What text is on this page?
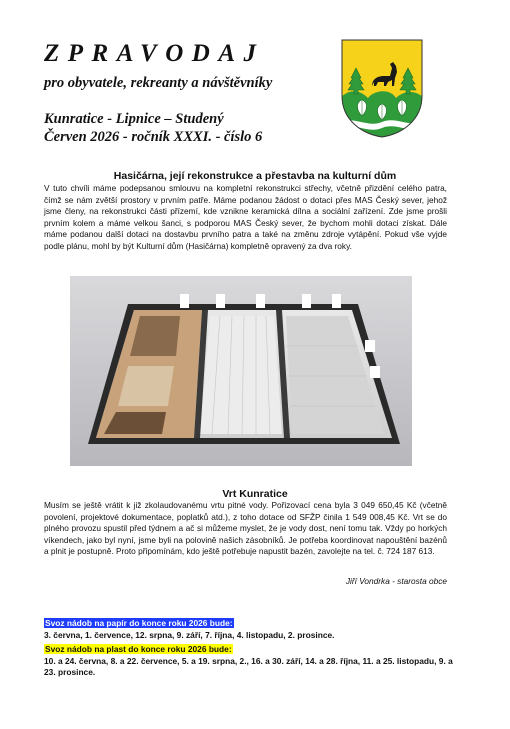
ZPRAVODAJ
pro obyvatele, rekreanty a návštěvníky
Kunratice - Lipnice – Studený
Červen 2026 - ročník XXXI. - číslo 6
Hasičárna, její rekonstrukce a přestavba na kulturní dům

V tuto chvíli máme podepsanou smlouvu na kompletní rekonstrukci střechy, včetně přizdění celého patra, čímž se nám zvětší prostory v prvním patře. Máme podanou žádost o dotaci přes MAS Český sever, jehož jsme členy, na rekonstrukci části přízemí, kde vznikne keramická dílna a sociální zařízení. Zde jsme prošli prvním kolem a máme velkou šanci, s podporou MAS Český sever, že bychom mohli dotaci získat. Dále máme podanou další dotaci na dostavbu prvního patra a také na změnu zdroje vytápění. Pokud vše vyjde podle plánu, mohl by být Kulturní dům (Hasičárna) kompletně opravený za dva roky.

Vrt Kunratice

Musím se ještě vrátit k již zkolaudovanému vrtu pitné vody. Pořizovací cena byla 3 049 650,45 Kč (včetně povolení, projektové dokumentace, poplatků atd.), z toho dotace od SFŽP činila 1 549 008,45 Kč. Vrt se do plného provozu spustil před týdnem a ač si můžeme myslet, že je vody dost, není tomu tak. Vždy po horkých víkendech, jako byl nyní, jsme byli na polovině našich zásobníků. Je potřeba koordinovat napouštění bazénů a plnit je postupně. Proto připomínám, kdo ještě potřebuje napustit bazén, zavolejte na tel. č. 724 187 613.

Jiří Vondrka - starosta obce
Svoz nádob na papír do konce roku 2026 bude:
3. června, 1. července, 12. srpna, 9. září, 7. října, 4. listopadu, 2. prosince.
Svoz nádob na plast do konce roku 2026 bude:
10. a 24. června, 8. a 22. července, 5. a 19. srpna, 2., 16. a 30. září, 14. a 28. října, 11. a 25. listopadu, 9. a 23. prosince.
